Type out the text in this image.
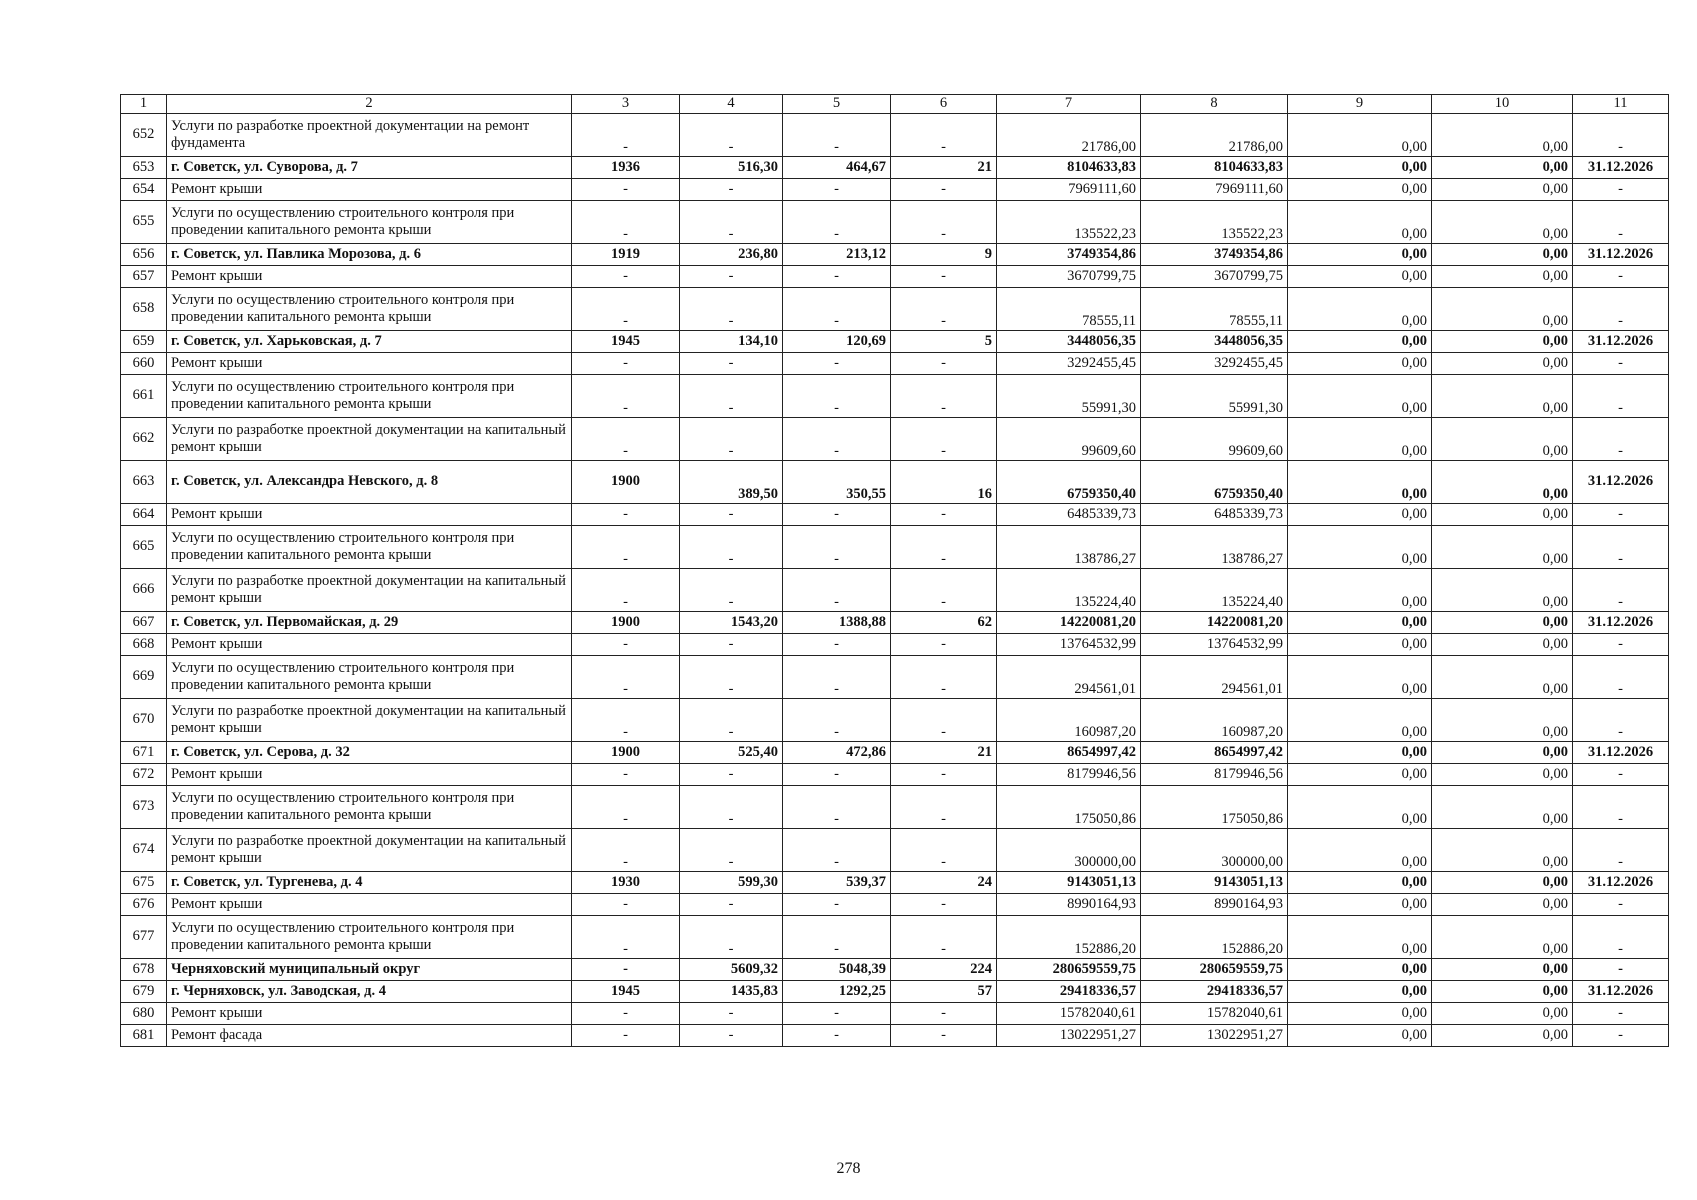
1	2	3	4	5	6	7	8	9	10	11
652	Услуги по разработке проектной документации на ремонт фундамента	-	-	-	-	21786,00	21786,00	0,00	0,00	-
653	г. Советск, ул. Суворова, д. 7	1936	516,30	464,67	21	8104633,83	8104633,83	0,00	0,00	31.12.2026
654	Ремонт крыши	-	-	-	-	7969111,60	7969111,60	0,00	0,00	-
655	Услуги по осуществлению строительного контроля при проведении капитального ремонта крыши	-	-	-	-	135522,23	135522,23	0,00	0,00	-
656	г. Советск, ул. Павлика Морозова, д. 6	1919	236,80	213,12	9	3749354,86	3749354,86	0,00	0,00	31.12.2026
657	Ремонт крыши	-	-	-	-	3670799,75	3670799,75	0,00	0,00	-
658	Услуги по осуществлению строительного контроля при проведении капитального ремонта крыши	-	-	-	-	78555,11	78555,11	0,00	0,00	-
659	г. Советск, ул. Харьковская, д. 7	1945	134,10	120,69	5	3448056,35	3448056,35	0,00	0,00	31.12.2026
660	Ремонт крыши	-	-	-	-	3292455,45	3292455,45	0,00	0,00	-
661	Услуги по осуществлению строительного контроля при проведении капитального ремонта крыши	-	-	-	-	55991,30	55991,30	0,00	0,00	-
662	Услуги по разработке проектной документации на капитальный ремонт крыши	-	-	-	-	99609,60	99609,60	0,00	0,00	-
663	г. Советск, ул. Александра Невского, д. 8	1900	389,50	350,55	16	6759350,40	6759350,40	0,00	0,00	31.12.2026
664	Ремонт крыши	-	-	-	-	6485339,73	6485339,73	0,00	0,00	-
665	Услуги по осуществлению строительного контроля при проведении капитального ремонта крыши	-	-	-	-	138786,27	138786,27	0,00	0,00	-
666	Услуги по разработке проектной документации на капитальный ремонт крыши	-	-	-	-	135224,40	135224,40	0,00	0,00	-
667	г. Советск, ул. Первомайская, д. 29	1900	1543,20	1388,88	62	14220081,20	14220081,20	0,00	0,00	31.12.2026
668	Ремонт крыши	-	-	-	-	13764532,99	13764532,99	0,00	0,00	-
669	Услуги по осуществлению строительного контроля при проведении капитального ремонта крыши	-	-	-	-	294561,01	294561,01	0,00	0,00	-
670	Услуги по разработке проектной документации на капитальный ремонт крыши	-	-	-	-	160987,20	160987,20	0,00	0,00	-
671	г. Советск, ул. Серова, д. 32	1900	525,40	472,86	21	8654997,42	8654997,42	0,00	0,00	31.12.2026
672	Ремонт крыши	-	-	-	-	8179946,56	8179946,56	0,00	0,00	-
673	Услуги по осуществлению строительного контроля при проведении капитального ремонта крыши	-	-	-	-	175050,86	175050,86	0,00	0,00	-
674	Услуги по разработке проектной документации на капитальный ремонт крыши	-	-	-	-	300000,00	300000,00	0,00	0,00	-
675	г. Советск, ул. Тургенева, д. 4	1930	599,30	539,37	24	9143051,13	9143051,13	0,00	0,00	31.12.2026
676	Ремонт крыши	-	-	-	-	8990164,93	8990164,93	0,00	0,00	-
677	Услуги по осуществлению строительного контроля при проведении капитального ремонта крыши	-	-	-	-	152886,20	152886,20	0,00	0,00	-
678	Черняховский муниципальный округ	-	5609,32	5048,39	224	280659559,75	280659559,75	0,00	0,00	-
679	г. Черняховск, ул. Заводская, д. 4	1945	1435,83	1292,25	57	29418336,57	29418336,57	0,00	0,00	31.12.2026
680	Ремонт крыши	-	-	-	-	15782040,61	15782040,61	0,00	0,00	-
681	Ремонт фасада	-	-	-	-	13022951,27	13022951,27	0,00	0,00	-
278
